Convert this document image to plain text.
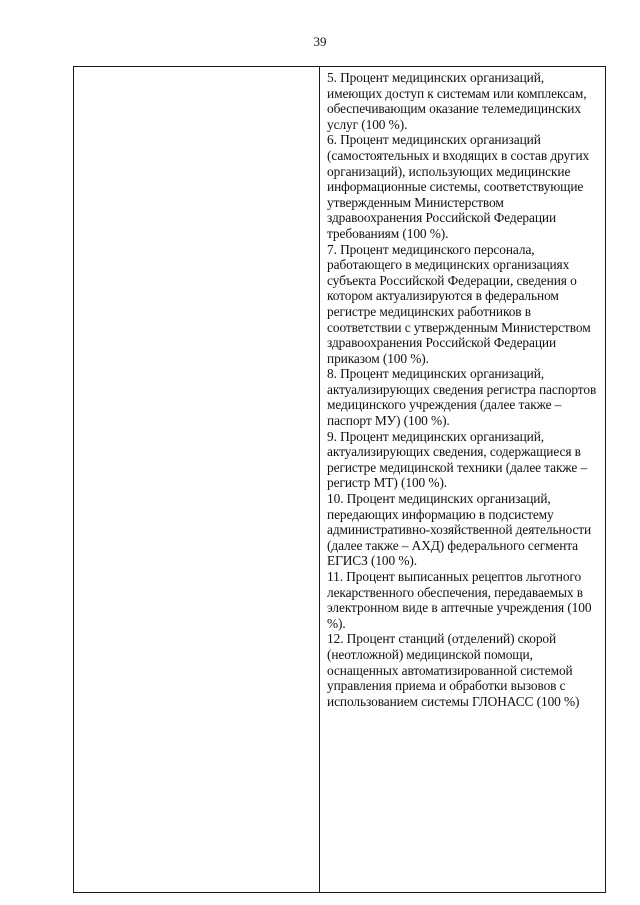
39

5. Процент медицинских организаций, имеющих доступ к системам или комплексам, обеспечивающим оказание телемедицинских услуг (100 %).

6. Процент медицинских организаций (самостоятельных и входящих в состав других организаций), использующих медицинские информационные системы, соответствующие утвержденным Министерством здравоохранения Российской Федерации требованиям (100 %).

7. Процент медицинского персонала, работающего в медицинских организациях субъекта Российской Федерации, сведения о котором актуализируются в федеральном регистре медицинских работников в соответствии с утвержденным Министерством здравоохранения Российской Федерации приказом (100 %).

8. Процент медицинских организаций, актуализирующих сведения регистра паспортов медицинского учреждения (далее также – паспорт МУ) (100 %).

9. Процент медицинских организаций, актуализирующих сведения, содержащиеся в регистре медицинской техники (далее также – регистр МТ) (100 %).

10. Процент медицинских организаций, передающих информацию в подсистему административно-хозяйственной деятельности (далее также – АХД) федерального сегмента ЕГИСЗ (100 %).

11. Процент выписанных рецептов льготного лекарственного обеспечения, передаваемых в электронном виде в аптечные учреждения (100 %).

12. Процент станций (отделений) скорой (неотложной) медицинской помощи, оснащенных автоматизированной системой управления приема и обработки вызовов с использованием системы ГЛОНАСС (100 %)
